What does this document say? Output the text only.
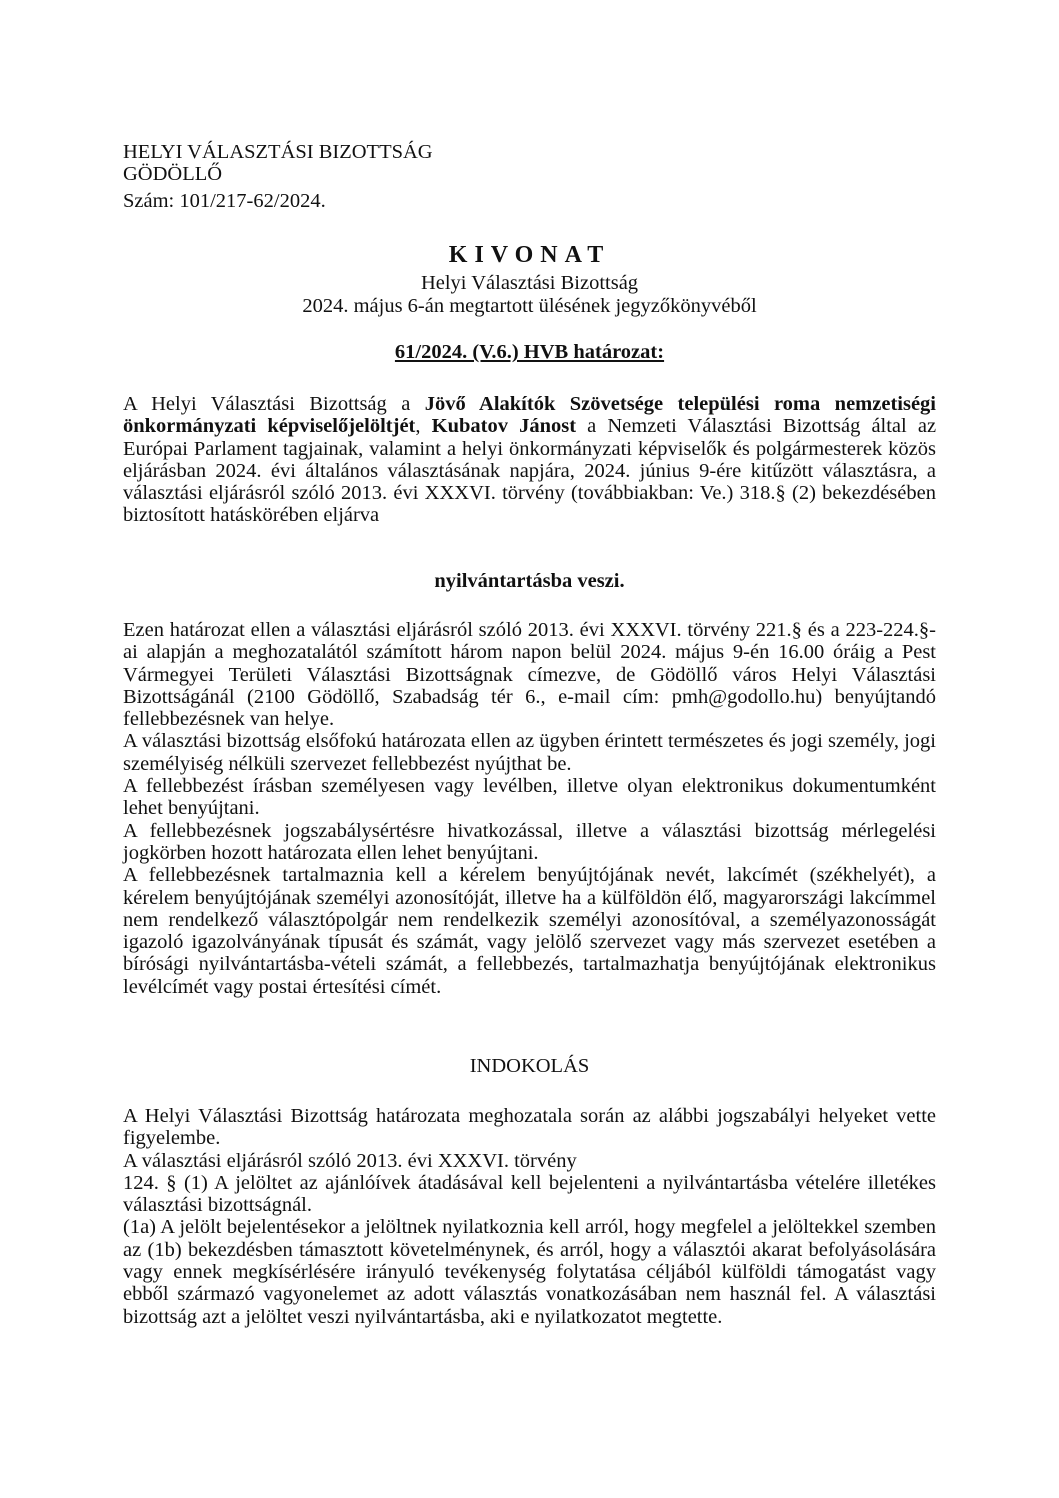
HELYI VÁLASZTÁSI BIZOTTSÁG
GÖDÖLLŐ
Szám: 101/217-62/2024.
KIVONAT
Helyi Választási Bizottság
2024. május 6-án megtartott ülésének jegyzőkönyvéből
61/2024. (V.6.) HVB határozat:

A Helyi Választási Bizottság a Jövő Alakítók Szövetsége települési roma nemzetiségi önkormányzati képviselőjelöltjét, Kubatov Jánost a Nemzeti Választási Bizottság által az Európai Parlament tagjainak, valamint a helyi önkormányzati képviselők és polgármesterek közös eljárásban 2024. évi általános választásának napjára, 2024. június 9-ére kitűzött választásra, a választási eljárásról szóló 2013. évi XXXVI. törvény (továbbiakban: Ve.) 318.§ (2) bekezdésében biztosított hatáskörében eljárva

nyilvántartásba veszi.

Ezen határozat ellen a választási eljárásról szóló 2013. évi XXXVI. törvény 221.§ és a 223-224.§-ai alapján a meghozatalától számított három napon belül 2024. május 9-én 16.00 óráig a Pest Vármegyei Területi Választási Bizottságnak címezve, de Gödöllő város Helyi Választási Bizottságánál (2100 Gödöllő, Szabadság tér 6., e-mail cím: pmh@godollo.hu) benyújtandó fellebbezésnek van helye.

A választási bizottság elsőfokú határozata ellen az ügyben érintett természetes és jogi személy, jogi személyiség nélküli szervezet fellebbezést nyújthat be.

A fellebbezést írásban személyesen vagy levélben, illetve olyan elektronikus dokumentumként lehet benyújtani.

A fellebbezésnek jogszabálysértésre hivatkozással, illetve a választási bizottság mérlegelési jogkörben hozott határozata ellen lehet benyújtani.

A fellebbezésnek tartalmaznia kell a kérelem benyújtójának nevét, lakcímét (székhelyét), a kérelem benyújtójának személyi azonosítóját, illetve ha a külföldön élő, magyarországi lakcímmel nem rendelkező választópolgár nem rendelkezik személyi azonosítóval, a személyazonosságát igazoló igazolványának típusát és számát, vagy jelölő szervezet vagy más szervezet esetében a bírósági nyilvántartásba-vételi számát, a fellebbezés, tartalmazhatja benyújtójának elektronikus levélcímét vagy postai értesítési címét.

INDOKOLÁS

A Helyi Választási Bizottság határozata meghozatala során az alábbi jogszabályi helyeket vette figyelembe.

A választási eljárásról szóló 2013. évi XXXVI. törvény

124. § (1) A jelöltet az ajánlóívek átadásával kell bejelenteni a nyilvántartásba vételére illetékes választási bizottságnál.

(1a) A jelölt bejelentésekor a jelöltnek nyilatkoznia kell arról, hogy megfelel a jelöltekkel szemben az (1b) bekezdésben támasztott követelménynek, és arról, hogy a választói akarat befolyásolására vagy ennek megkísérlésére irányuló tevékenység folytatása céljából külföldi támogatást vagy ebből származó vagyonelemet az adott választás vonatkozásában nem használ fel. A választási bizottság azt a jelöltet veszi nyilvántartásba, aki e nyilatkozatot megtette.
